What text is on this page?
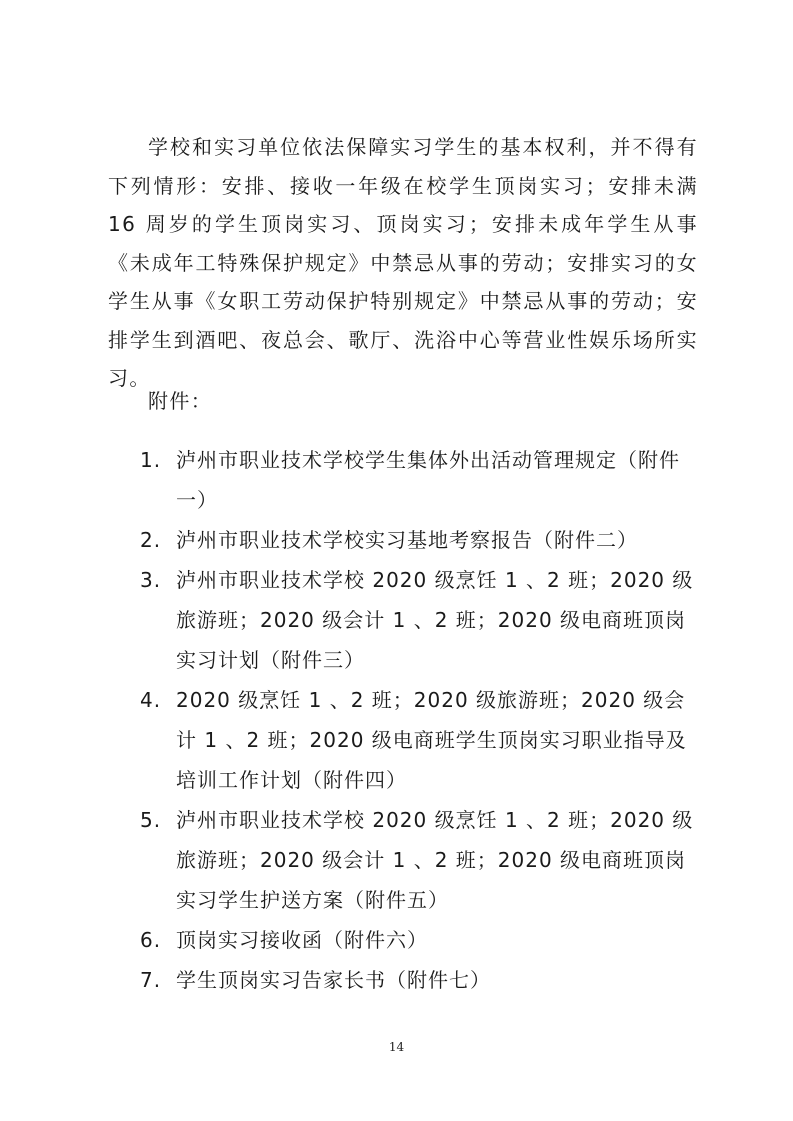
学校和实习单位依法保障实习学生的基本权利，并不得有下列情形：安排、接收一年级在校学生顶岗实习；安排未满 16 周岁的学生顶岗实习、顶岗实习；安排未成年学生从事《未成年工特殊保护规定》中禁忌从事的劳动；安排实习的女学生从事《女职工劳动保护特别规定》中禁忌从事的劳动；安排学生到酒吧、夜总会、歌厅、洗浴中心等营业性娱乐场所实习。

附件：

1. 泸州市职业技术学校学生集体外出活动管理规定（附件一）
2. 泸州市职业技术学校实习基地考察报告（附件二）
3. 泸州市职业技术学校 2020 级烹饪 1 、2 班；2020 级旅游班；2020 级会计 1 、2 班；2020 级电商班顶岗实习计划（附件三）
4. 2020 级烹饪 1 、2 班；2020 级旅游班；2020 级会计 1 、2 班；2020 级电商班学生顶岗实习职业指导及培训工作计划（附件四）
5. 泸州市职业技术学校 2020 级烹饪 1 、2 班；2020 级旅游班；2020 级会计 1 、2 班；2020 级电商班顶岗实习学生护送方案（附件五）
6. 顶岗实习接收函（附件六）
7. 学生顶岗实习告家长书（附件七）

14
